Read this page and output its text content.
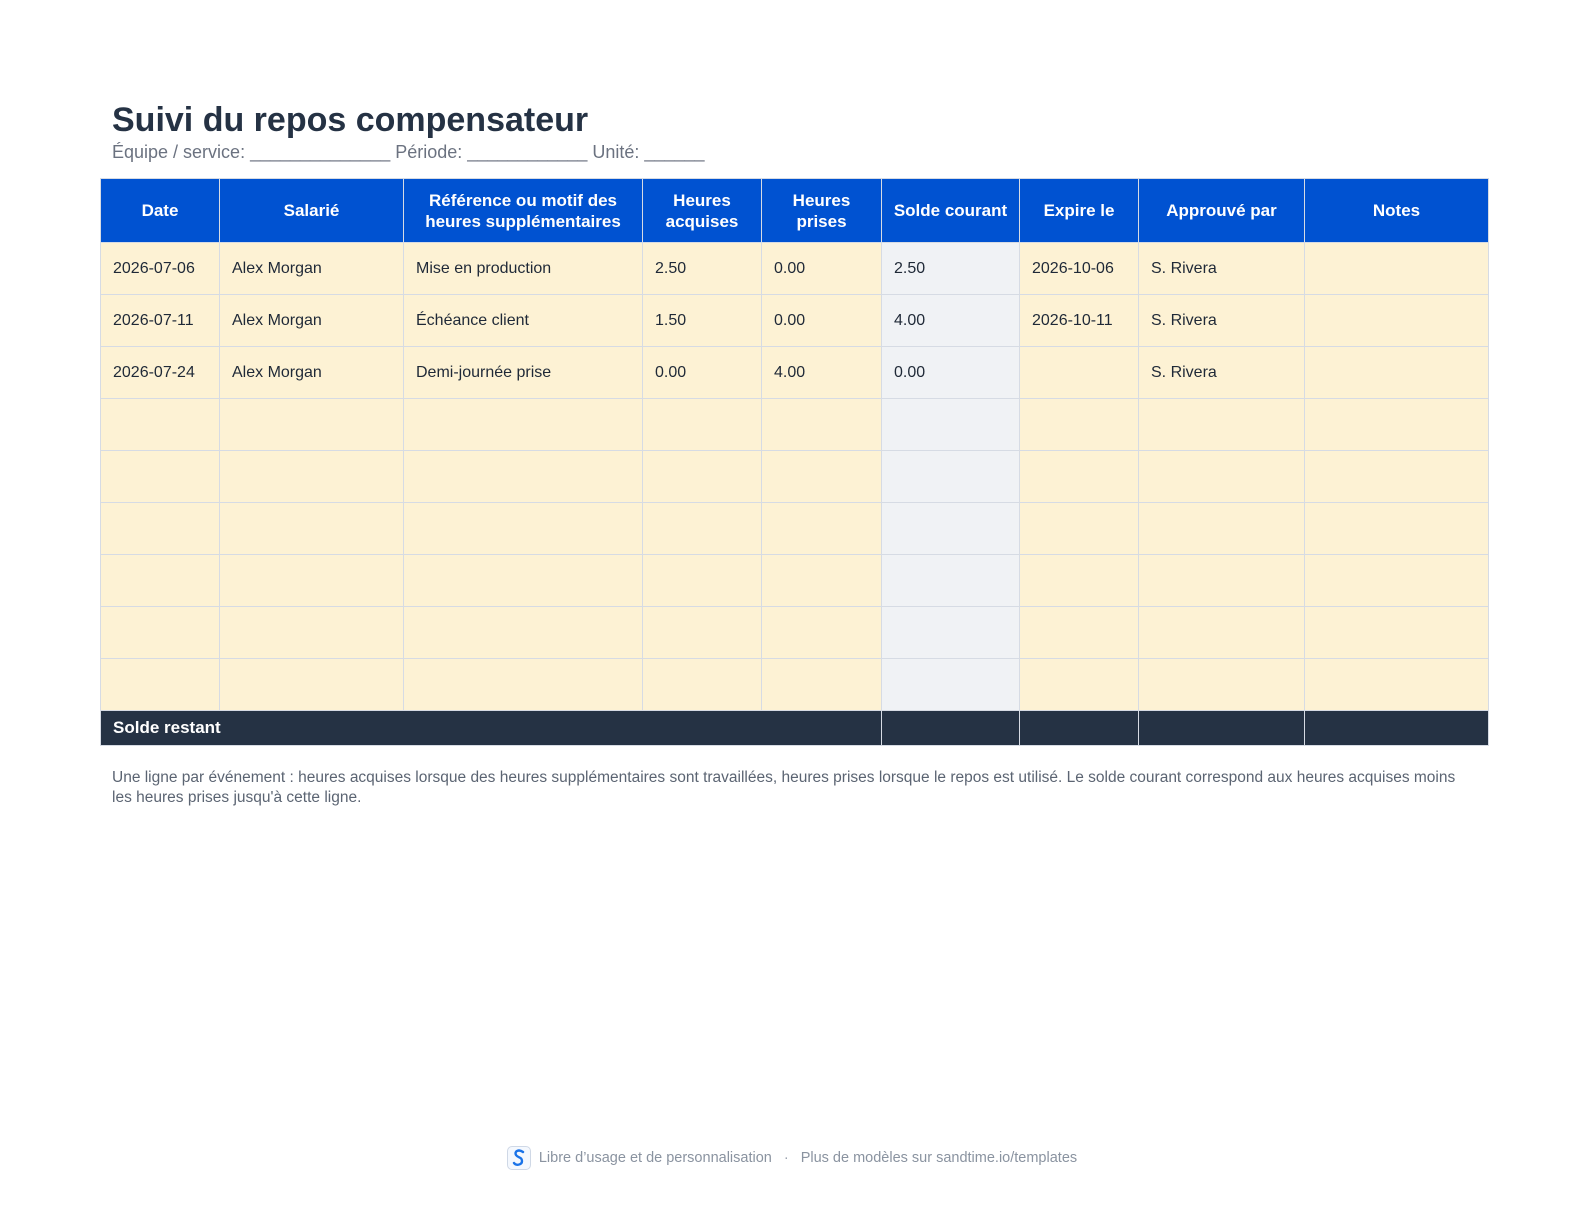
Suivi du repos compensateur
Équipe / service: ______________ Période: ____________ Unité: ______
Date	Salarié	Référence ou motif des heures supplémentaires	Heures acquises	Heures prises	Solde courant	Expire le	Approuvé par	Notes
2026-07-06	Alex Morgan	Mise en production	2.50	0.00	2.50	2026-10-06	S. Rivera	
2026-07-11	Alex Morgan	Échéance client	1.50	0.00	4.00	2026-10-11	S. Rivera	
2026-07-24	Alex Morgan	Demi-journée prise	0.00	4.00	0.00		S. Rivera	

Solde restant								

Une ligne par événement : heures acquises lorsque des heures supplémentaires sont travaillées, heures prises lorsque le repos est utilisé. Le solde courant correspond aux heures acquises moins les heures prises jusqu'à cette ligne.

Libre d’usage et de personnalisation · Plus de modèles sur sandtime.io/templates
